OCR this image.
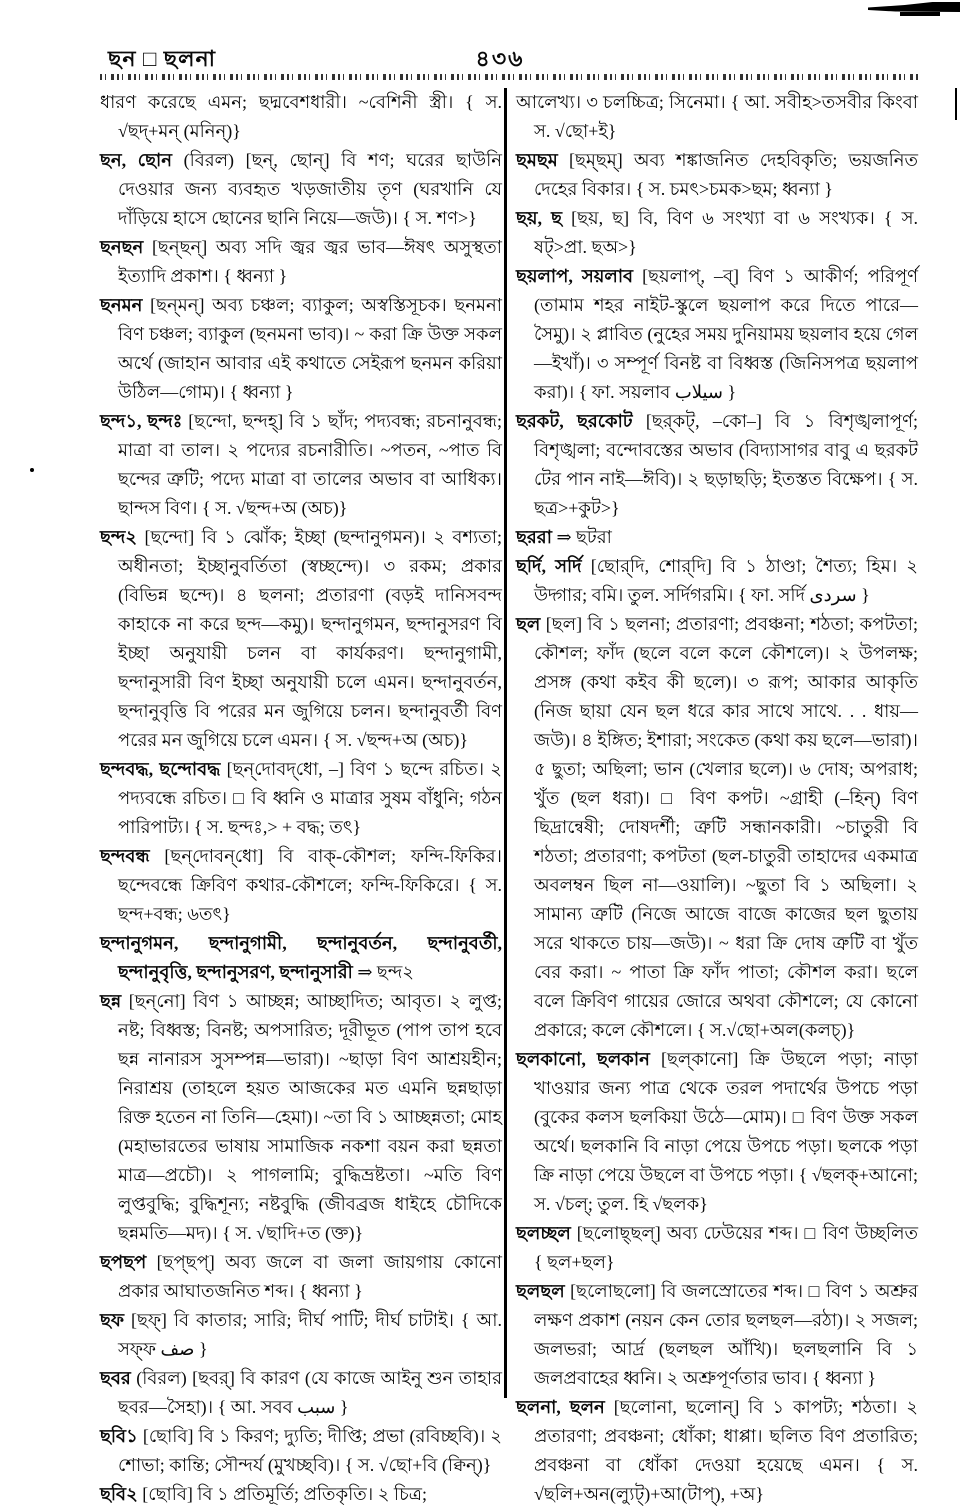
ছন □ ছলনা	৪৩৬

ধারণ করেছে এমন; ছদ্মবেশধারী। ~বেশিনী স্ত্রী। { স. √ছদ্+মন্ (মনিন্)}

ছন, ছোন (বিরল) [ছন্, ছোন্] বি শণ; ঘরের ছাউনি দেওয়ার জন্য ব্যবহৃত খড়জাতীয় তৃণ (ঘরখানি যে দাঁড়িয়ে হাসে ছোনের ছানি নিয়ে—জউ)। { স. শণ>}

ছনছন [ছন্‌ছন্] অব্য সদি জ্বর জ্বর ভাব—ঈষৎ অসুস্থতা ইত্যাদি প্রকাশ। { ধ্বন্যা }

ছনমন [ছন্‌মন্] অব্য চঞ্চল; ব্যাকুল; অস্বস্তিসূচক। ছনমনা বিণ চঞ্চল; ব্যাকুল (ছনমনা ভাব)। ~ করা ক্রি উক্ত সকল অর্থে (জাহান আবার এই কথাতে সেইরূপ ছনমন করিয়া উঠিল—গোম)। { ধ্বন্যা }

ছন্দ১, ছন্দঃ [ছন্দো, ছন্দহ্] বি ১ ছাঁদ; পদ্যবন্ধ; রচনানুবন্ধ; মাত্রা বা তাল। ২ পদ্যের রচনারীতি। ~পতন, ~পাত বি ছন্দের ত্রুটি; পদ্যে মাত্রা বা তালের অভাব বা আধিক্য। ছান্দস বিণ। { স. √ছন্দ+অ (অচ)}

ছন্দ২ [ছন্দো] বি ১ ঝোঁক; ইচ্ছা (ছন্দানুগমন)। ২ বশ্যতা; অধীনতা; ইচ্ছানুবর্তিতা (স্বচ্ছন্দে)। ৩ রকম; প্রকার (বিভিন্ন ছন্দে)। ৪ ছলনা; প্রতারণা (বড়ই দানিসবন্দ কাহাকে না করে ছন্দ—কমু)। ছন্দানুগমন, ছন্দানুসরণ বি ইচ্ছা অনুযায়ী চলন বা কার্যকরণ। ছন্দানুগামী, ছন্দানুসারী বিণ ইচ্ছা অনুযায়ী চলে এমন। ছন্দানুবর্তন, ছন্দানুবৃত্তি বি পরের মন জুগিয়ে চলন। ছন্দানুবর্তী বিণ পরের মন জুগিয়ে চলে এমন। { স. √ছন্দ+অ (অচ)}

ছন্দবদ্ধ, ছন্দোবদ্ধ [ছন্‌দোবদ্‌ধো, –] বিণ ১ ছন্দে রচিত। ২ পদ্যবন্ধে রচিত। □ বি ধ্বনি ও মাত্রার সুষম বাঁধুনি; গঠন পারিপাট্য। { স. ছন্দঃ,> + বদ্ধ; তৎ}

ছন্দবন্ধ [ছন্‌দোবন্‌ধো] বি বাক্-কৌশল; ফন্দি-ফিকির। ছন্দেবন্ধে ক্রিবিণ কথার-কৌশলে; ফন্দি-ফিকিরে। { স. ছন্দ+বন্ধ; ৬তৎ}

ছন্দানুগমন, ছন্দানুগামী, ছন্দানুবর্তন, ছন্দানুবর্তী, ছন্দানুবৃত্তি, ছন্দানুসরণ, ছন্দানুসারী ⇒ ছন্দ২

ছন্ন [ছন্‌নো] বিণ ১ আচ্ছন্ন; আচ্ছাদিত; আবৃত। ২ লুপ্ত; নষ্ট; বিধ্বস্ত; বিনষ্ট; অপসারিত; দূরীভূত (পাপ তাপ হবে ছন্ন নানারস সুসম্পন্ন—ভারা)। ~ছাড়া বিণ আশ্রয়হীন; নিরাশ্রয় (তাহলে হয়ত আজকের মত এমনি ছন্নছাড়া রিক্ত হতেন না তিনি—হেমা)। ~তা বি ১ আচ্ছন্নতা; মোহ (মহাভারতের ভাষায় সামাজিক নকশা বয়ন করা ছন্নতা মাত্র—প্রচৌ)। ২ পাগলামি; বুদ্ধিভ্রষ্টতা। ~মতি বিণ লুপ্তবুদ্ধি; বুদ্ধিশূন্য; নষ্টবুদ্ধি (জীবব্রজ ধাইহে চৌদিকে ছন্নমতি—মদ)। { স. √ছাদি+ত (ক্ত)}

ছপছপ [ছপ্‌ছপ্] অব্য জলে বা জলা জায়গায় কোনো প্রকার আঘাতজনিত শব্দ। { ধ্বন্যা }

ছফ [ছফ্] বি কাতার; সারি; দীর্ঘ পাটি; দীর্ঘ চাটাই। { আ. সফ্‌ফ صف }

ছবর (বিরল) [ছবর্] বি কারণ (যে কাজে আইনু শুন তাহার ছবর—সৈহা)। { আ. সবব سبب }

ছবি১ [ছোবি] বি ১ কিরণ; দ্যুতি; দীপ্তি; প্রভা (রবিচ্ছবি)। ২ শোভা; কান্তি; সৌন্দর্য (মুখচ্ছবি)। { স. √ছো+বি (ক্বিন্)}

ছবি২ [ছোবি] বি ১ প্রতিমূর্তি; প্রতিকৃতি। ২ চিত্র;

আলেখ্য। ৩ চলচ্চিত্র; সিনেমা। { আ. সবীহ>তসবীর কিংবা স. √ছো+ই}

ছমছম [ছম্‌ছম্] অব্য শঙ্কাজনিত দেহবিকৃতি; ভয়জনিত দেহের বিকার। { স. চমৎ>চমক>ছম; ধ্বন্যা }

ছয়, ছ [ছয়, ছ] বি, বিণ ৬ সংখ্যা বা ৬ সংখ্যক। { স. ষট্>প্রা. ছঅ>}

ছয়লাপ, সয়লাব [ছয়লাপ্, –ব্] বিণ ১ আকীর্ণ; পরিপূর্ণ (তামাম শহর নাইট-স্কুলে ছয়লাপ করে দিতে পারে—সৈমু)। ২ প্লাবিত (নুহের সময় দুনিয়াময় ছয়লাব হয়ে গেল—ইখাঁ)। ৩ সম্পূর্ণ বিনষ্ট বা বিধ্বস্ত (জিনিসপত্র ছয়লাপ করা)। { ফা. সয়লাব سيلاب }

ছরকট, ছরকোট [ছর্‌কট্, –কো–] বি ১ বিশৃঙ্খলাপূর্ণ; বিশৃঙ্খলা; বন্দোবস্তের অভাব (বিদ্যাসাগর বাবু এ ছরকট টের পান নাই—ঈবি)। ২ ছড়াছড়ি; ইতস্তত বিক্ষেপ। { স. ছত্র>+কুট>}

ছররা ⇒ ছটরা

ছর্দি, সর্দি [ছোর্‌দি, শোর্‌দি] বি ১ ঠাণ্ডা; শৈত্য; হিম। ২ উদ্গার; বমি। তুল. সর্দিগরমি। { ফা. সর্দি سردى }

ছল [ছল] বি ১ ছলনা; প্রতারণা; প্রবঞ্চনা; শঠতা; কপটতা; কৌশল; ফাঁদ (ছলে বলে কলে কৌশলে)। ২ উপলক্ষ; প্রসঙ্গ (কথা কইব কী ছলে)। ৩ রূপ; আকার আকৃতি (নিজ ছায়া যেন ছল ধরে কার সাথে সাথে. . . ধায়—জউ)। ৪ ইঙ্গিত; ইশারা; সংকেত (কথা কয় ছলে—ভারা)। ৫ ছুতা; অছিলা; ভান (খেলার ছলে)। ৬ দোষ; অপরাধ; খুঁত (ছল ধরা)। □ বিণ কপট। ~গ্রাহী (–হিন্) বিণ ছিদ্রান্বেষী; দোষদর্শী; ত্রুটি সন্ধানকারী। ~চাতুরী বি শঠতা; প্রতারণা; কপটতা (ছল-চাতুরী তাহাদের একমাত্র অবলম্বন ছিল না—ওয়ালি)। ~ছুতা বি ১ অছিলা। ২ সামান্য ত্রুটি (নিজে আজে বাজে কাজের ছল ছুতায় সরে থাকতে চায়—জউ)। ~ ধরা ক্রি দোষ ত্রুটি বা খুঁত বের করা। ~ পাতা ক্রি ফাঁদ পাতা; কৌশল করা। ছলে বলে ক্রিবিণ গায়ের জোরে অথবা কৌশলে; যে কোনো প্রকারে; কলে কৌশলে। { স.√ছো+অল(কলচ্)}

ছলকানো, ছলকান [ছল্‌কানো] ক্রি উছলে পড়া; নাড়া খাওয়ার জন্য পাত্র থেকে তরল পদার্থের উপচে পড়া (বুকের কলস ছলকিয়া উঠে—মোম)। □ বিণ উক্ত সকল অর্থে। ছলকানি বি নাড়া পেয়ে উপচে পড়া। ছলকে পড়া ক্রি নাড়া পেয়ে উছলে বা উপচে পড়া। { √ছলক্+আনো; স. √চল্; তুল. হি √ছলক}

ছলচ্ছল [ছলোছ্‌ছল্] অব্য ঢেউয়ের শব্দ। □ বিণ উচ্ছলিত { ছল+ছল}

ছলছল [ছলোছলো] বি জলস্রোতের শব্দ। □ বিণ ১ অশ্রুর লক্ষণ প্রকাশ (নয়ন কেন তোর ছলছল—রঠা)। ২ সজল; জলভরা; আর্দ্র (ছলছল আঁখি)। ছলছলানি বি ১ জলপ্রবাহের ধ্বনি। ২ অশ্রুপূর্ণতার ভাব। { ধ্বন্যা }

ছলনা, ছলন [ছলোনা, ছলোন্] বি ১ কাপট্য; শঠতা। ২ প্রতারণা; প্রবঞ্চনা; ধোঁকা; ধাপ্পা। ছলিত বিণ প্রতারিত; প্রবঞ্চনা বা ধোঁকা দেওয়া হয়েছে এমন। { স. √ছলি+অন(ল্যুট্)+আ(টাপ্), +অ}
